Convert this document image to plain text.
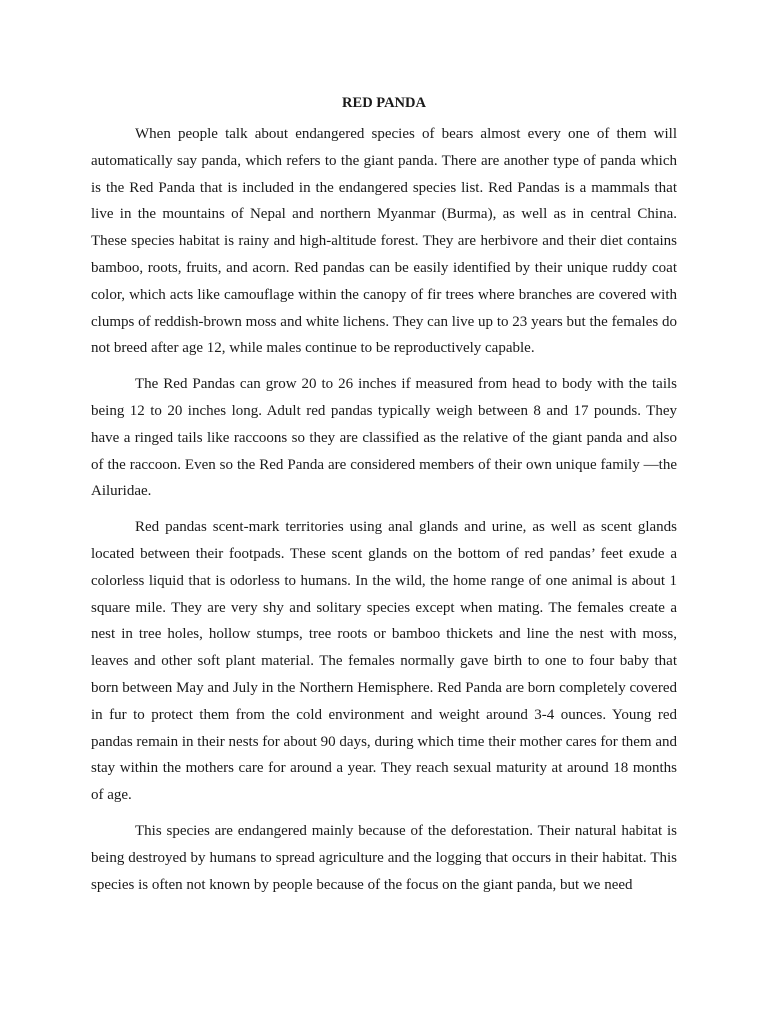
RED PANDA

When people talk about endangered species of bears almost every one of them will automatically say panda, which refers to the giant panda. There are another type of panda which is the Red Panda that is included in the endangered species list. Red Pandas is a mammals that live in the mountains of Nepal and northern Myanmar (Burma), as well as in central China. These species habitat is rainy and high-altitude forest. They are herbivore and their diet contains bamboo, roots, fruits, and acorn. Red pandas can be easily identified by their unique ruddy coat color, which acts like camouflage within the canopy of fir trees where branches are covered with clumps of reddish-brown moss and white lichens. They can live up to 23 years but the females do not breed after age 12, while males continue to be reproductively capable.

The Red Pandas can grow 20 to 26 inches if measured from head to body with the tails being 12 to 20 inches long. Adult red pandas typically weigh between 8 and 17 pounds. They have a ringed tails like raccoons so they are classified as the relative of the giant panda and also of the raccoon. Even so the Red Panda are considered members of their own unique family —the Ailuridae.

Red pandas scent-mark territories using anal glands and urine, as well as scent glands located between their footpads. These scent glands on the bottom of red pandas’ feet exude a colorless liquid that is odorless to humans. In the wild, the home range of one animal is about 1 square mile. They are very shy and solitary species except when mating. The females create a nest in tree holes, hollow stumps, tree roots or bamboo thickets and line the nest with moss, leaves and other soft plant material. The females normally gave birth to one to four baby that born between May and July in the Northern Hemisphere. Red Panda are born completely covered in fur to protect them from the cold environment and weight around 3-4 ounces. Young red pandas remain in their nests for about 90 days, during which time their mother cares for them and stay within the mothers care for around a year. They reach sexual maturity at around 18 months of age.

This species are endangered mainly because of the deforestation. Their natural habitat is being destroyed by humans to spread agriculture and the logging that occurs in their habitat. This species is often not known by people because of the focus on the giant panda, but we need
